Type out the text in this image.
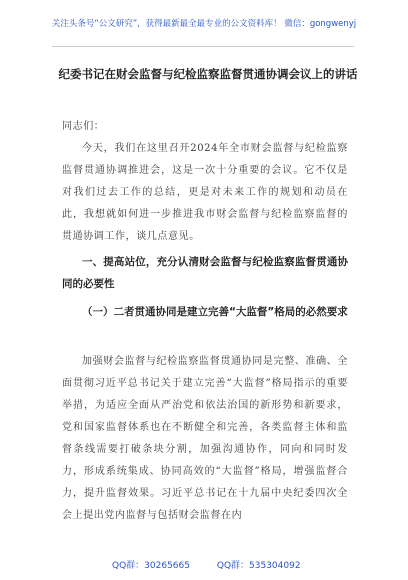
关注头条号“公文研究”，获得最新最全最专业的公文资料库！ 微信：gongwenyj
纪委书记在财会监督与纪检监察监督贯通协调会议上的讲话
同志们：
今天，我们在这里召开2024年全市财会监督与纪检监察监督贯通协调推进会，这是一次十分重要的会议。它不仅是对我们过去工作的总结，更是对未来工作的规划和动员在此，我想就如何进一步推进我市财会监督与纪检监察监督的贯通协调工作，谈几点意见。
一、提高站位，充分认清财会监督与纪检监察监督贯通协同的必要性
（一）二者贯通协同是建立完善“大监督”格局的必然要求
加强财会监督与纪检监察监督贯通协同是完整、准确、全面贯彻习近平总书记关于建立完善“大监督”格局指示的重要举措，为适应全面从严治党和依法治国的新形势和新要求，党和国家监督体系也在不断健全和完善，各类监督主体和监督条线需要打破条块分割，加强沟通协作，同向和同时发力，形成系统集成、协同高效的“大监督”格局，增强监督合力，提升监督效果。习近平总书记在十九届中央纪委四次全会上提出党内监督与包括财会监督在内
QQ群：30265665	QQ群：535304092
